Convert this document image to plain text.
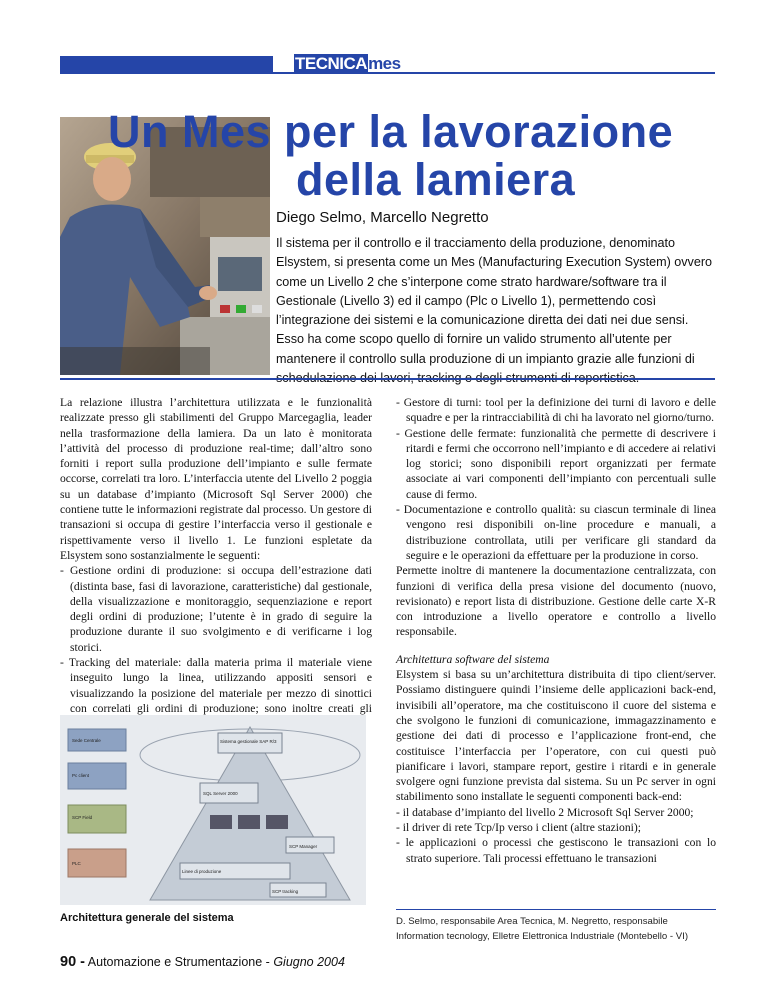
TECNICAmes
Un Mes per la lavorazione
della lamiera
Diego Selmo, Marcello Negretto
Il sistema per il controllo e il tracciamento della produzione, denominato Elsystem, si presenta come un Mes (Manufacturing Execution System) ovvero come un Livello 2 che s’interpone come strato hardware/software tra il Gestionale (Livello 3) ed il campo (Plc o Livello 1), permettendo così l’integrazione dei sistemi e la comunicazione diretta dei dati nei due sensi. Esso ha come scopo quello di fornire un valido strumento all’utente per mantenere il controllo sulla produzione di un impianto grazie alle funzioni di

La relazione illustra l’architettura utilizzata e le funzionalità realizzate presso gli stabilimenti del Gruppo Marcegaglia, leader nella trasformazione della lamiera. Da un lato è monitorata l’attività del processo di produzione real-time; dall’altro sono forniti i report sulla produzione dell’impianto e sulle fermate occorse, correlati tra loro. L’interfaccia utente del Livello 2 poggia su un database d’impianto (Microsoft Sql Server 2000) che contiene tutte le informazioni registrate dal processo. Un gestore di transazioni si occupa di gestire l’interfaccia verso il gestionale e rispettivamente verso il livello 1. Le funzioni espletate da Elsystem sono sostanzialmente le seguenti:

- Gestione ordini di produzione: si occupa dell’estrazione dati (distinta base, fasi di lavorazione, caratteristiche) dal gestionale, della visualizzazione e monitoraggio, sequenziazione e report degli ordini di produzione; l’utente è in grado di seguire la produzione durante il suo svolgimento e di verificarne i log storici.

- Tracking del materiale: dalla materia prima il materiale viene inseguito lungo la linea, utilizzando appositi sensori e visualizzando la posizione del materiale per mezzo di sinottici con correlati gli ordini di produzione; sono inoltre creati gli

- Gestore di turni: tool per la definizione dei turni di lavoro e delle squadre e per la rintracciabilità di chi ha lavorato nel giorno/turno.

- Gestione delle fermate: funzionalità che permette di descrivere i ritardi e fermi che occorrono nell’impianto e di accedere ai relativi log storici; sono disponibili report organizzati per fermate associate ai vari componenti dell’impianto con percentuali sulle cause di fermo.

- Documentazione e controllo qualità: su ciascun terminale di linea vengono resi disponibili on-line procedure e manuali, a distribuzione controllata, utili per verificare gli standard da seguire e le operazioni da effettuare per la produzione in corso.

Permette inoltre di mantenere la documentazione centralizzata, con funzioni di verifica della presa visione del documento (nuovo, revisionato) e report lista di distribuzione. Gestione delle carte X-R con introduzione a livello operatore e controllo a livello responsabile.

Architettura software del sistema

Elsystem si basa su un’architettura distribuita di tipo client/server. Possiamo distinguere quindi l’insieme delle applicazioni back-end, invisibili all’operatore, ma che costituiscono il cuore del sistema e che svolgono le funzioni di comunicazione, immagazzinamento e gestione dei dati di processo e l’applicazione front-end, che costituisce l’interfaccia per l’operatore, con cui questi può pianificare i lavori, stampare report, gestire i ritardi e in generale svolgere ogni funzione prevista dal sistema. Su un Pc server in ogni stabilimento sono installate le seguenti componenti back-end:

- il database d’impianto del livello 2 Microsoft Sql Server 2000;

- il driver di rete Tcp/Ip verso i client (altre stazioni);

- le applicazioni o processi che gestiscono le transazioni con lo strato superiore. Tali processi effettuano le transazioni

Sede Centrale	Sistema gestionale SAP R/3
SQL Server 2000
SCP Manager
Pc client
Linee di produzione
SCP Field
SCP tracking
PLC
Architettura generale del sistema	D. Selmo, responsabile Area Tecnica, M. Negretto, responsabile Information tecnology, Elletre Elettronica Industriale (Montebello - VI)
90 - Automazione e Strumentazione - Giugno 2004
